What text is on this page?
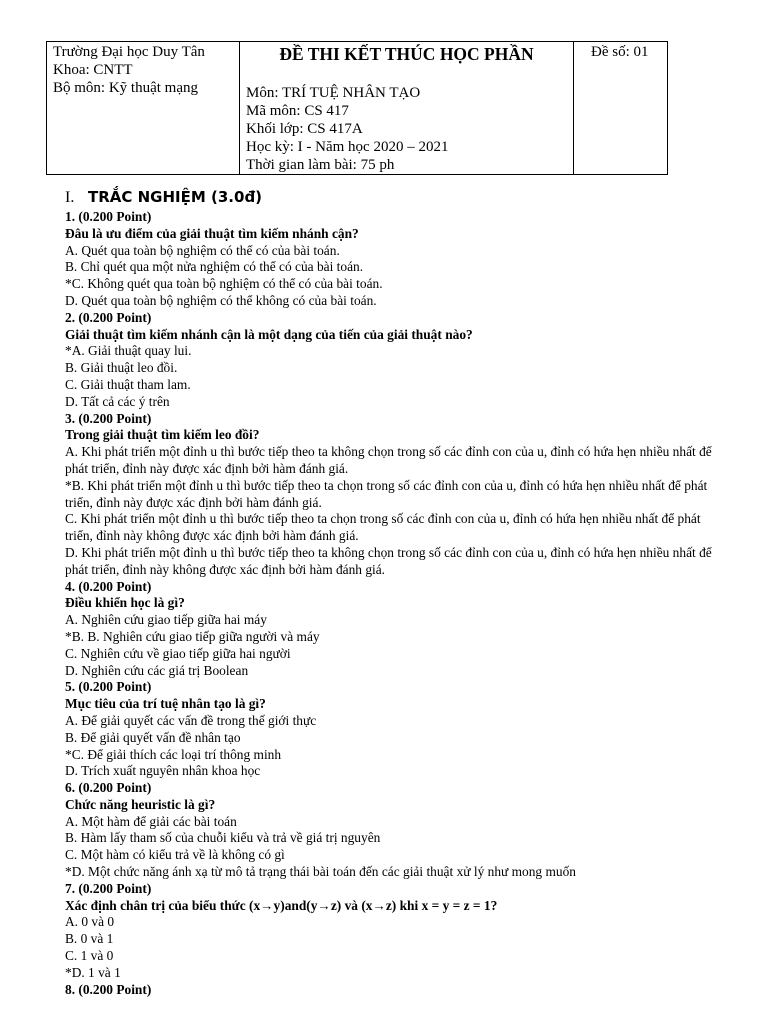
Trường Đại học Duy Tân
Khoa: CNTT
Bộ môn: Kỹ thuật mạng

ĐỀ THI KẾT THÚC HỌC PHẦN
Môn: TRÍ TUỆ NHÂN TẠO
Mã môn: CS 417
Khối lớp: CS 417A
Học kỳ: I - Năm học 2020 – 2021
Thời gian làm bài: 75 ph

Đề số: 01
I. TRẮC NGHIỆM (3.0đ)
1. (0.200 Point)
Đâu là ưu điểm của giải thuật tìm kiếm nhánh cận?
A. Quét qua toàn bộ nghiệm có thể có của bài toán.
B. Chỉ quét qua một nửa nghiệm có thể có của bài toán.
*C. Không quét qua toàn bộ nghiệm có thể có của bài toán.
D. Quét qua toàn bộ nghiệm có thể không có của bài toán.
2. (0.200 Point)
Giải thuật tìm kiếm nhánh cận là một dạng của tiến của giải thuật nào?
*A. Giải thuật quay lui.
B. Giải thuật leo đồi.
C. Giải thuật tham lam.
D. Tất cả các ý trên
3. (0.200 Point)
Trong giải thuật tìm kiếm leo đồi?
A. Khi phát triển một đỉnh u thì bước tiếp theo ta không chọn trong số các đỉnh con của u, đỉnh có hứa hẹn nhiều nhất để phát triển, đỉnh này được xác định bởi hàm đánh giá.
*B. Khi phát triển một đỉnh u thì bước tiếp theo ta chọn trong số các đỉnh con của u, đỉnh có hứa hẹn nhiều nhất để phát triển, đỉnh này được xác định bởi hàm đánh giá.
C. Khi phát triển một đỉnh u thì bước tiếp theo ta chọn trong số các đỉnh con của u, đỉnh có hứa hẹn nhiều nhất để phát triển, đỉnh này không được xác định bởi hàm đánh giá.
D. Khi phát triển một đỉnh u thì bước tiếp theo ta không chọn trong số các đỉnh con của u, đỉnh có hứa hẹn nhiều nhất để phát triển, đỉnh này không được xác định bởi hàm đánh giá.
4. (0.200 Point)
Điều khiển học là gì?
A. Nghiên cứu giao tiếp giữa hai máy
*B. B. Nghiên cứu giao tiếp giữa người và máy
C. Nghiên cứu về giao tiếp giữa hai người
D. Nghiên cứu các giá trị Boolean
5. (0.200 Point)
Mục tiêu của trí tuệ nhân tạo là gì?
A. Để giải quyết các vấn đề trong thế giới thực
B. Để giải quyết vấn đề nhân tạo
*C. Để giải thích các loại trí thông minh
D. Trích xuất nguyên nhân khoa học
6. (0.200 Point)
Chức năng heuristic là gì?
A. Một hàm để giải các bài toán
B. Hàm lấy tham số của chuỗi kiểu và trả về giá trị nguyên
C. Một hàm có kiểu trả về là không có gì
*D. Một chức năng ánh xạ từ mô tả trạng thái bài toán đến các giải thuật xử lý như mong muốn
7. (0.200 Point)
Xác định chân trị của biểu thức (x→y)and(y→z) và (x→z) khi x = y = z = 1?
A. 0 và 0
B. 0 và 1
C. 1 và 0
*D. 1 và 1
8. (0.200 Point)
